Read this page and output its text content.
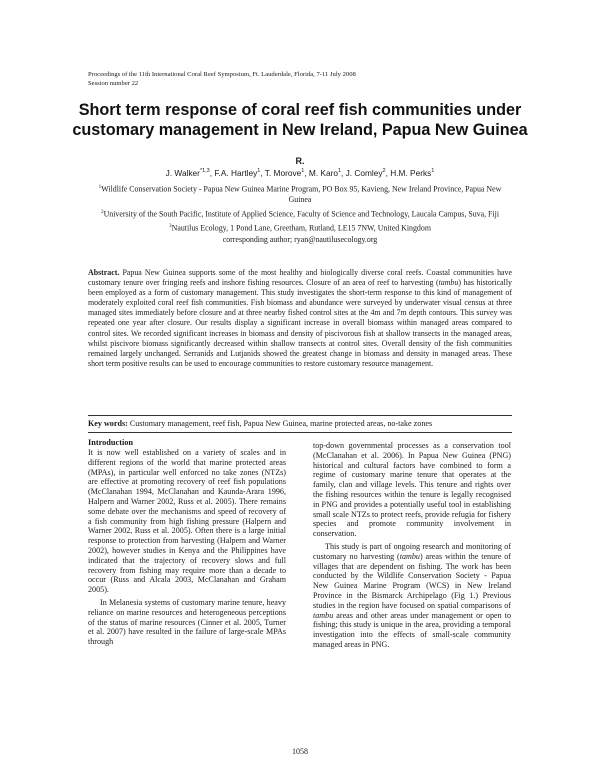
Proceedings of the 11th International Coral Reef Symposium, Ft. Lauderdale, Florida, 7-11 July 2008
Session number 22
Short term response of coral reef fish communities under customary management in New Ireland, Papua New Guinea
R.
J. Walker$^{*1,3}$, F.A. Hartley$^1$, T. Morove$^1$, M. Karo$^1$, J. Comley$^2$, H.M. Perks$^1$

$^1$Wildlife Conservation Society - Papua New Guinea Marine Program, PO Box 95, Kavieng, New Ireland Province, Papua New Guinea

$^2$University of the South Pacific, Institute of Applied Science, Faculty of Science and Technology, Laucala Campus, Suva, Fiji

$^3$Nautilus Ecology, 1 Pond Lane, Greetham, Rutland, LE15 7NW, United Kingdom

corresponding author; ryan@nautilusecology.org

Abstract. Papua New Guinea supports some of the most healthy and biologically diverse coral reefs. Coastal communities have customary tenure over fringing reefs and inshore fishing resources. Closure of an area of reef to harvesting (tambu) has historically been employed as a form of customary management. This study investigates the short-term response to this kind of management of moderately exploited coral reef fish communities. Fish biomass and abundance were surveyed by underwater visual census at three managed sites immediately before closure and at three nearby fished control sites at the 4m and 7m depth contours. This survey was repeated one year after closure. Our results display a significant increase in overall biomass within managed areas compared to control sites. We recorded significant increases in biomass and density of piscivorous fish at shallow transects in the managed areas, whilst piscivore biomass significantly decreased within shallow transects at control sites. Overall density of the fish communities remained largely unchanged. Serranids and Lutjanids showed the greatest change in biomass and density in managed areas. These short term positive results can be used to encourage communities to restore customary resource management.

Key words: Customary management, reef fish, Papua New Guinea, marine protected areas, no-take zones

Introduction

It is now well established on a variety of scales and in different regions of the world that marine protected areas (MPAs), in particular well enforced no take zones (NTZs) are effective at promoting recovery of reef fish populations (McClanahan 1994, McClanahan and Kaunda-Arara 1996, Halpern and Warner 2002, Russ et al. 2005). There remains some debate over the mechanisms and speed of recovery of a fish community from high fishing pressure (Halpern and Warner 2002, Russ et al. 2005). Often there is a large initial response to protection from harvesting (Halpern and Warner 2002), however studies in Kenya and the Philippines have indicated that the trajectory of recovery slows and full recovery from fishing may require more than a decade to occur (Russ and Alcala 2003, McClanahan and Graham 2005).

In Melanesia systems of customary marine tenure, heavy reliance on marine resources and heterogeneous perceptions of the status of marine resources (Cinner et al. 2005, Turner et al. 2007) have resulted in the failure of large-scale MPAs through

top-down governmental processes as a conservation tool (McClanahan et al. 2006). In Papua New Guinea (PNG) historical and cultural factors have combined to form a regime of customary marine tenure that operates at the family, clan and village levels. This tenure and rights over the fishing resources within the tenure is legally recognised in PNG and provides a potentially useful tool in establishing small scale NTZs to protect reefs, provide refugia for fishery species and promote community involvement in conservation.

This study is part of ongoing research and monitoring of customary no harvesting (tambu) areas within the tenure of villages that are dependent on fishing. The work has been conducted by the Wildlife Conservation Society - Papua New Guinea Marine Program (WCS) in New Ireland Province in the Bismarck Archipelago (Fig 1.) Previous studies in the region have focused on spatial comparisons of tambu areas and other areas under management or open to fishing; this study is unique in the area, providing a temporal investigation into the effects of small-scale community managed areas in PNG.

1058
